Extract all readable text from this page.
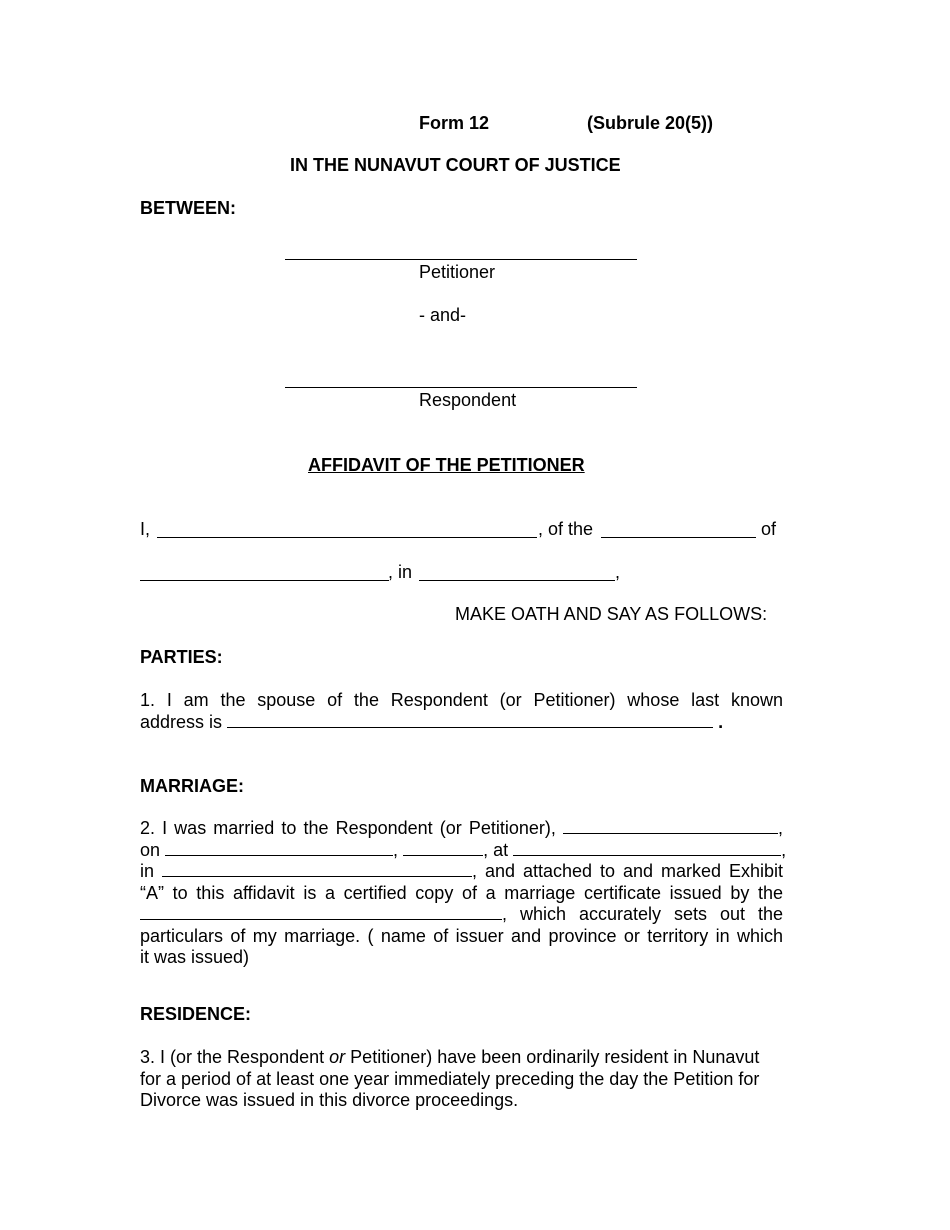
Form 12	(Subrule 20(5))
IN THE NUNAVUT COURT OF JUSTICE
BETWEEN:
Petitioner
- and-
Respondent
AFFIDAVIT OF THE PETITIONER
I,	, of the	of
, in	,
MAKE OATH AND SAY AS FOLLOWS:
PARTIES:
1. I am the spouse of the Respondent (or Petitioner) whose last known
address is	.
MARRIAGE:
2. I was married to the Respondent (or Petitioner),	,
on	,	, at	,
in	, and attached to and marked Exhibit
“A” to this affidavit is a certified copy of a marriage certificate issued by the
, which accurately sets out the
particulars of my marriage. ( name of issuer and province or territory in which
it was issued)
RESIDENCE:
3. I (or the Respondent or Petitioner) have been ordinarily resident in Nunavut
for a period of at least one year immediately preceding the day the Petition for
Divorce was issued in this divorce proceedings.
